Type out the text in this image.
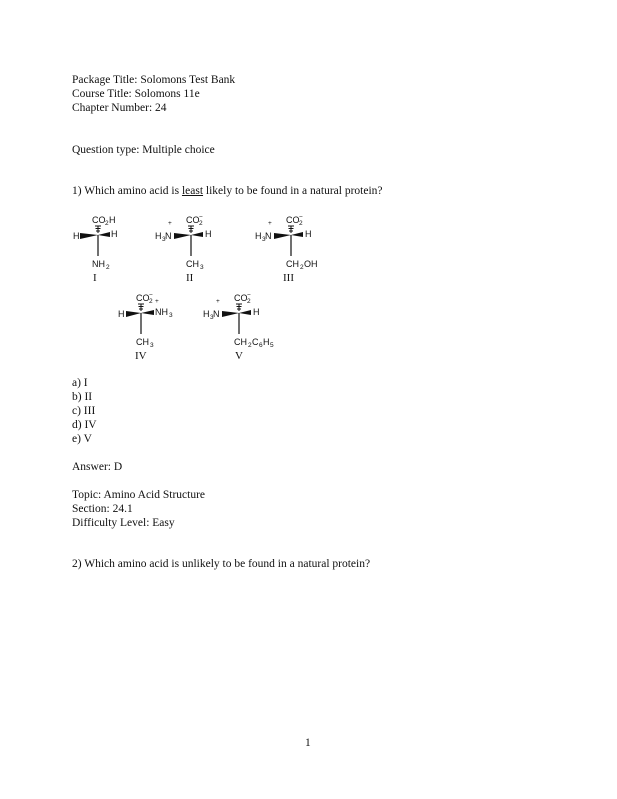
Package Title: Solomons Test Bank
Course Title: Solomons 11e
Chapter Number: 24
Question type: Multiple choice
1) Which amino acid is least likely to be found in a natural protein?
CO 2 H
H	H
NH 2
I
CO −
2
+
H 3 N	H
CH 3
II
CO −
2
+
H 3 N	H
CH 2 OH
III
CO −
2
H
+
NH 3
CH 3
IV
CO −
2
+
H 3 N	H
CH 2 C 6 H 5
V
a) I
b) II
c) III
d) IV
e) V
Answer: D
Topic: Amino Acid Structure
Section: 24.1
Difficulty Level: Easy
2) Which amino acid is unlikely to be found in a natural protein?
1
